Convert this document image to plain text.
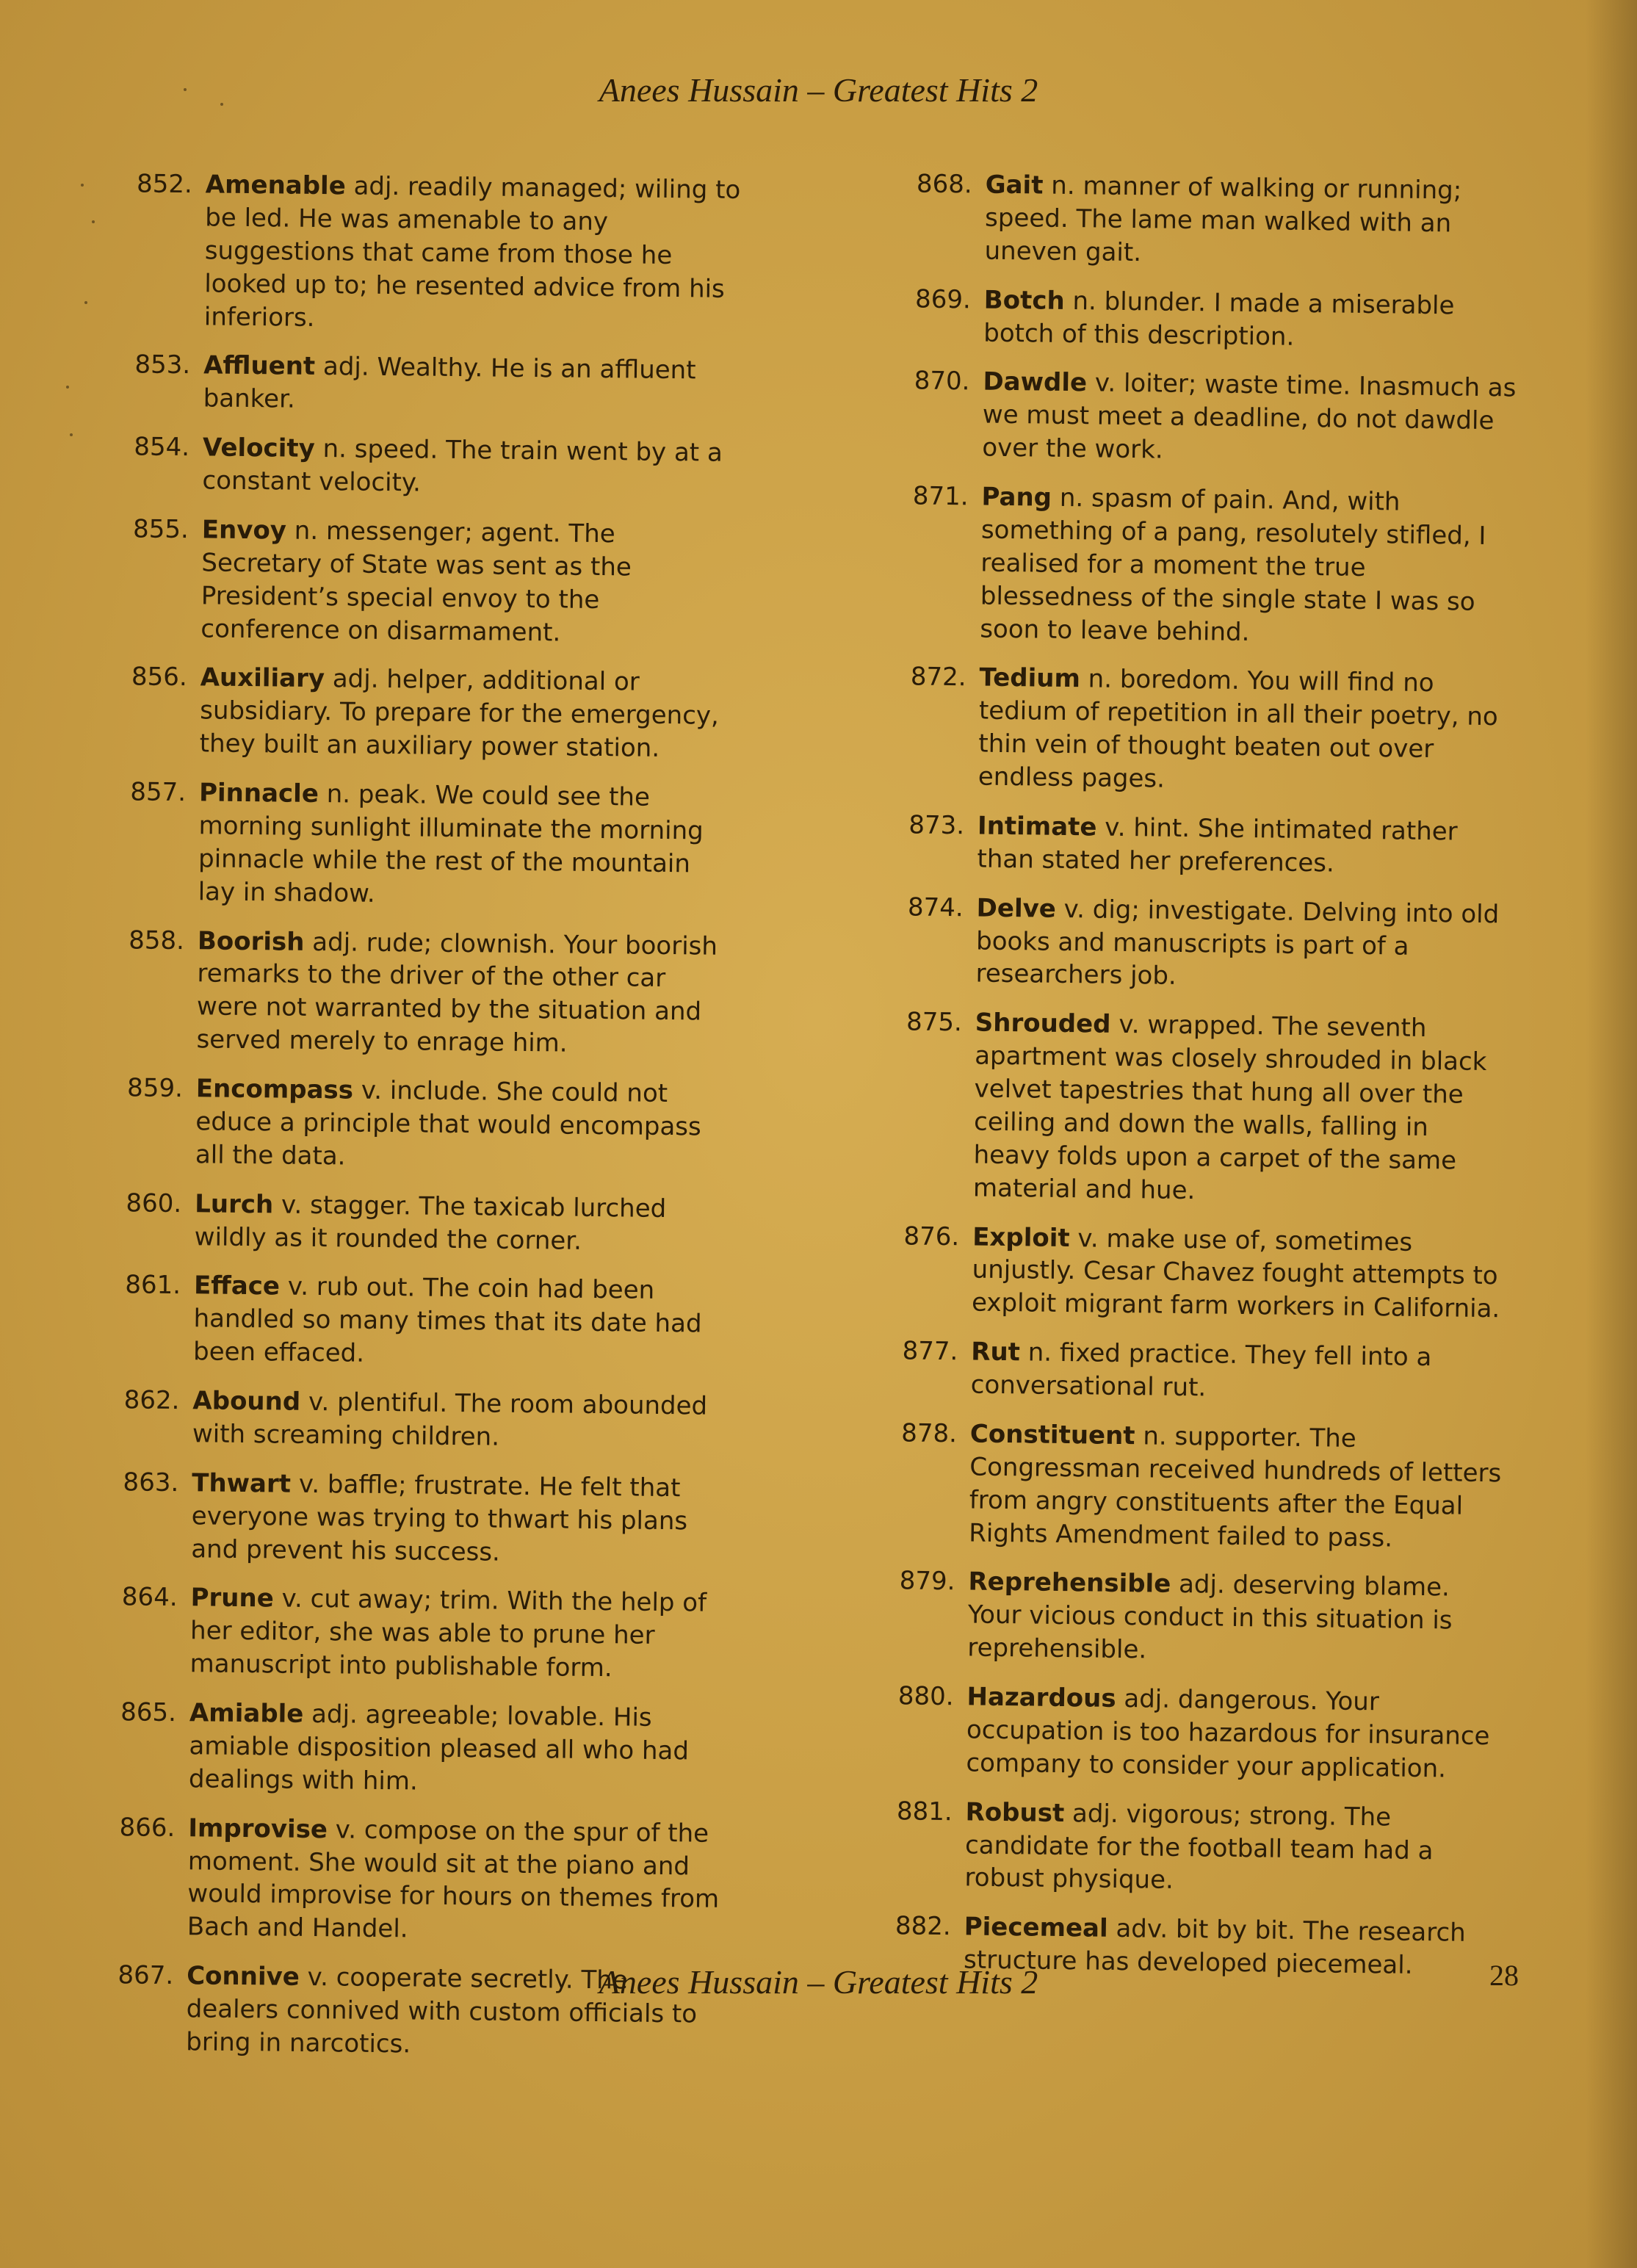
Anees Hussain – Greatest Hits 2
852. Amenable adj. readily managed; wiling to be led. He was amenable to any suggestions that came from those he looked up to; he resented advice from his inferiors.
853. Affluent adj. Wealthy. He is an affluent banker.
854. Velocity n. speed. The train went by at a constant velocity.
855. Envoy n. messenger; agent. The Secretary of State was sent as the President’s special envoy to the conference on disarmament.
856. Auxiliary adj. helper, additional or subsidiary. To prepare for the emergency, they built an auxiliary power station.
857. Pinnacle n. peak. We could see the morning sunlight illuminate the morning pinnacle while the rest of the mountain lay in shadow.
858. Boorish adj. rude; clownish. Your boorish remarks to the driver of the other car were not warranted by the situation and served merely to enrage him.
859. Encompass v. include. She could not educe a principle that would encompass all the data.
860. Lurch v. stagger. The taxicab lurched wildly as it rounded the corner.
861. Efface v. rub out. The coin had been handled so many times that its date had been effaced.
862. Abound v. plentiful. The room abounded with screaming children.
863. Thwart v. baffle; frustrate. He felt that everyone was trying to thwart his plans and prevent his success.
864. Prune v. cut away; trim. With the help of her editor, she was able to prune her manuscript into publishable form.
865. Amiable adj. agreeable; lovable. His amiable disposition pleased all who had dealings with him.
866. Improvise v. compose on the spur of the moment. She would sit at the piano and would improvise for hours on themes from Bach and Handel.
867. Connive v. cooperate secretly. The dealers connived with custom officials to bring in narcotics.
868. Gait n. manner of walking or running; speed. The lame man walked with an uneven gait.
869. Botch n. blunder. I made a miserable botch of this description.
870. Dawdle v. loiter; waste time. Inasmuch as we must meet a deadline, do not dawdle over the work.
871. Pang n. spasm of pain. And, with something of a pang, resolutely stifled, I realised for a moment the true blessedness of the single state I was so soon to leave behind.
872. Tedium n. boredom. You will find no tedium of repetition in all their poetry, no thin vein of thought beaten out over endless pages.
873. Intimate v. hint. She intimated rather than stated her preferences.
874. Delve v. dig; investigate. Delving into old books and manuscripts is part of a researchers job.
875. Shrouded v. wrapped. The seventh apartment was closely shrouded in black velvet tapestries that hung all over the ceiling and down the walls, falling in heavy folds upon a carpet of the same material and hue.
876. Exploit v. make use of, sometimes unjustly. Cesar Chavez fought attempts to exploit migrant farm workers in California.
877. Rut n. fixed practice. They fell into a conversational rut.
878. Constituent n. supporter. The Congressman received hundreds of letters from angry constituents after the Equal Rights Amendment failed to pass.
879. Reprehensible adj. deserving blame. Your vicious conduct in this situation is reprehensible.
880. Hazardous adj. dangerous. Your occupation is too hazardous for insurance company to consider your application.
881. Robust adj. vigorous; strong. The candidate for the football team had a robust physique.
882. Piecemeal adv. bit by bit. The research structure has developed piecemeal.
Anees Hussain – Greatest Hits 2	28
